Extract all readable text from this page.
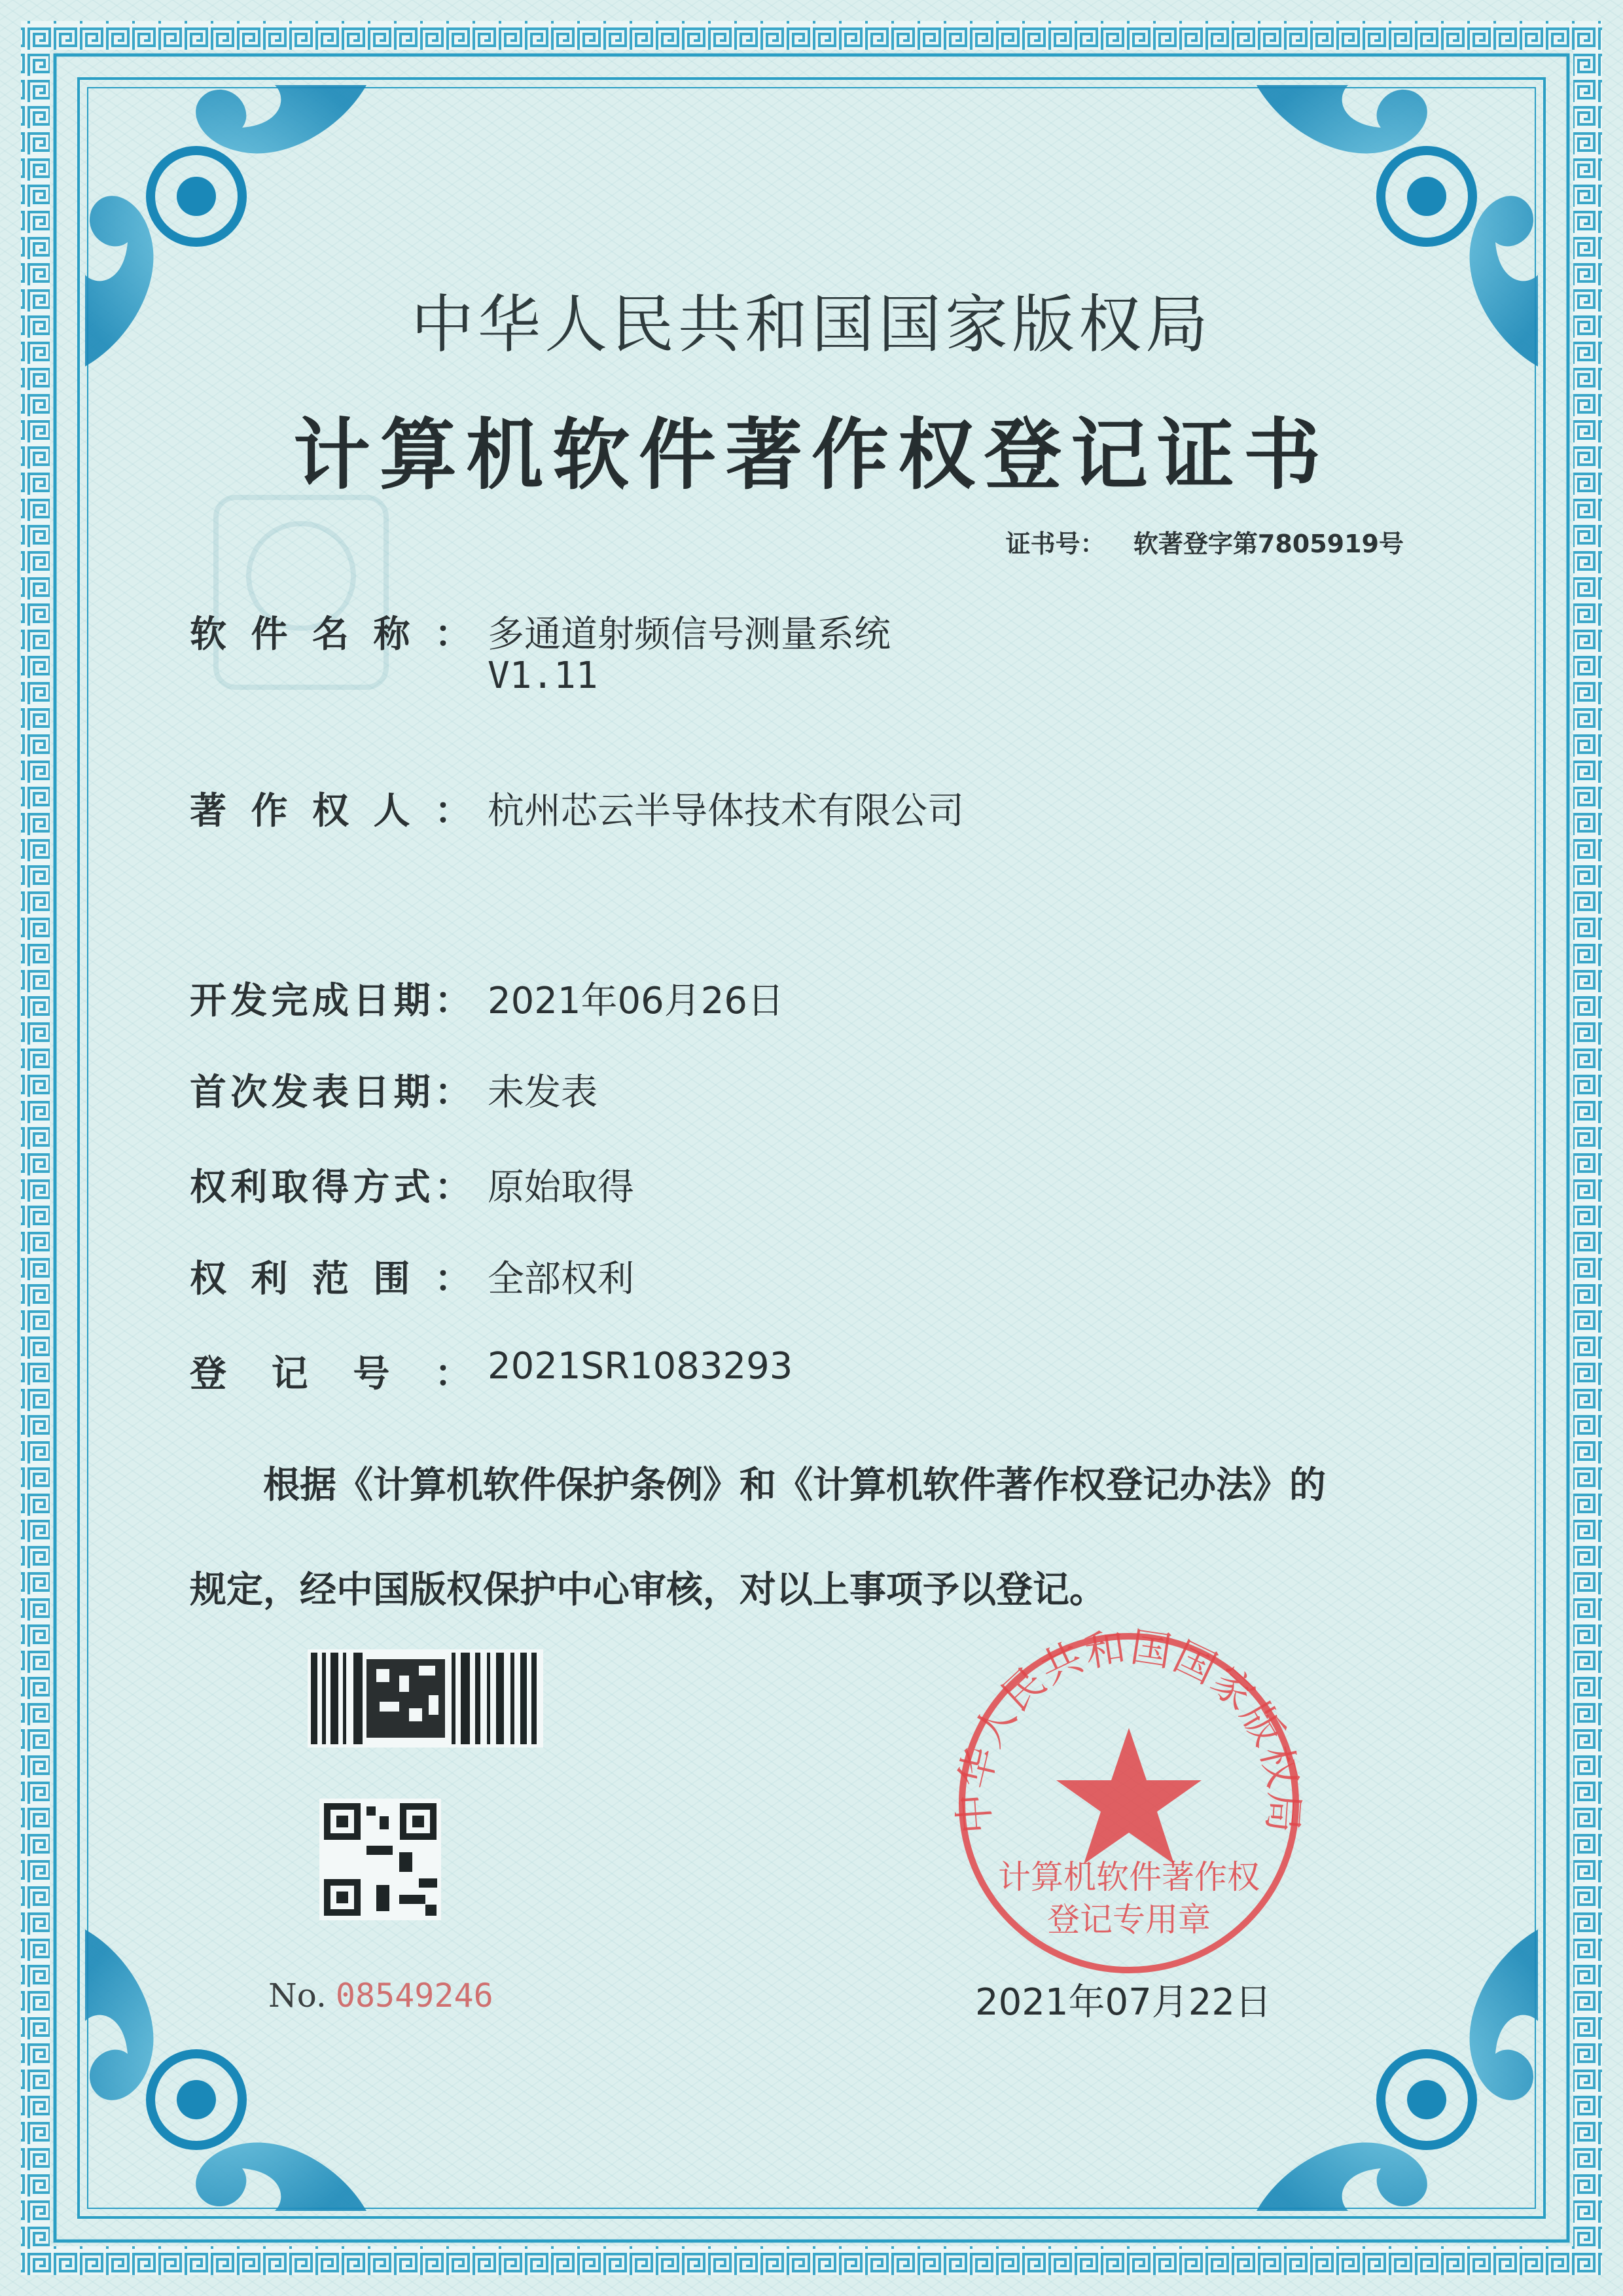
中华人民共和国国家版权局
计算机软件著作权
登记专用章
中华人民共和国国家版权局
计算机软件著作权登记证书
证书号： 软著登字第7805919号
软件名称： 多通道射频信号测量系统
V1.11
著作权人： 杭州芯云半导体技术有限公司
开发完成日期： 2021年06月26日
首次发表日期： 未发表
权利取得方式： 原始取得
权利范围： 全部权利
登记号： 2021SR1083293
根据《计算机软件保护条例》和《计算机软件著作权登记办法》的
规定，经中国版权保护中心审核，对以上事项予以登记。
No. 08549246	2021年07月22日
